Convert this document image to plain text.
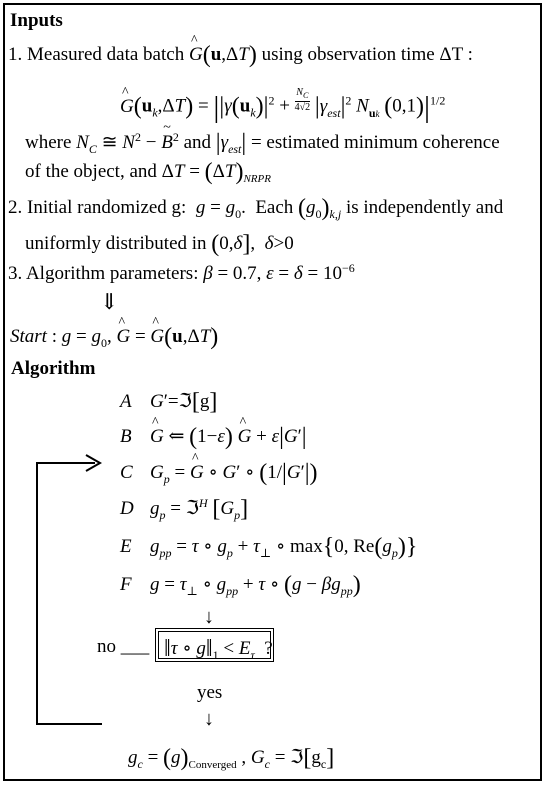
Inputs
Algorithm
1. Measured data batch ^ G(u,ΔT) using observation time ΔT :
^ $G(u_k,\Delta T) = ||\gamma(u_k)|^2 + \frac{N_C}{4√2} |\gamma_{est}|^2$ $N_{uk}$ $(0,1)|^{1/2}$
where $N_C$ ≅ $N^2$ − ~ $B^2$ and $|\gamma_{est}|$ = estimated minimum coherence
of the object, and $\Delta T = (\Delta T)_{NRPR}$
2. Initial randomized g:  $g = g_0$.  Each $(g_0)_{k,j}$ is independently and
uniformly distributed in (0,δ],  δ>0
3. Algorithm parameters: β = 0.7, $\varepsilon = \delta = 10^{-6}$
⇓
Start : $g = g_0$, ^ G = ^ G(u,ΔT)
A G′=ℑ[g]
B ^ G ⇐ (1−ε) ^ G + ε|G′|
C $G_p$ = ^ G ∘ G′ ∘ (1/|G′|)
D $g_p$ = ℑ$^H$ $[G_p]$
E $g_{pp} = \tau$ ∘ $g_p + \tau_\perp$ ∘ max{0, $Re(g_p)$}
F $g = \tau_\perp$ ∘ $g_{pp} + \tau$ ∘ $(g - \beta g_{pp})$
↓
no ___ ‖τ ∘ $g‖_1 < E_\tau$  ?
yes
↓
$g_c = (g)_{Converged}$ , $G_c$ = $ℑ[g_c]$
